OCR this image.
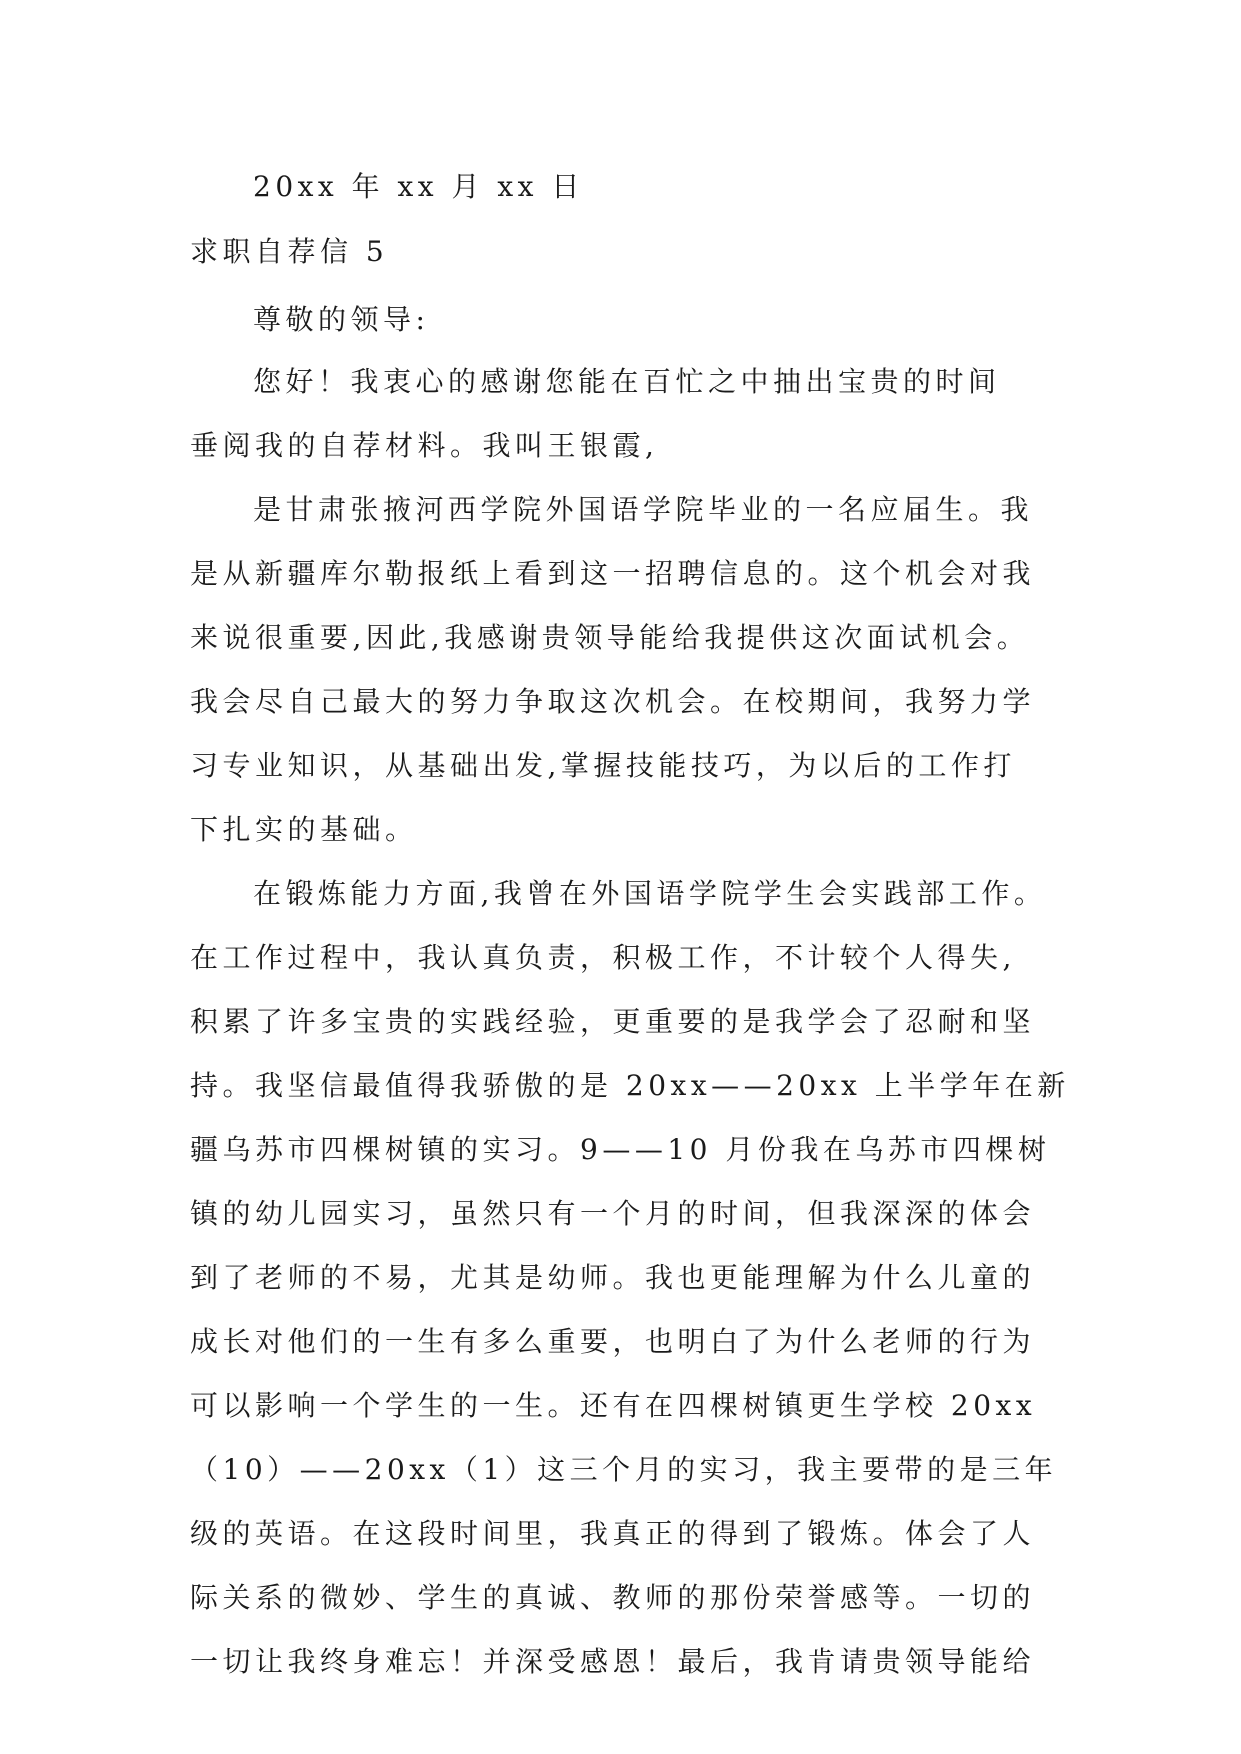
20xx 年 xx 月 xx 日
求职自荐信 5
尊敬的领导:
您好！我衷心的感谢您能在百忙之中抽出宝贵的时间
垂阅我的自荐材料。我叫王银霞,
是甘肃张掖河西学院外国语学院毕业的一名应届生。我
是从新疆库尔勒报纸上看到这一招聘信息的。这个机会对我
来说很重要,因此,我感谢贵领导能给我提供这次面试机会。
我会尽自己最大的努力争取这次机会。在校期间，我努力学
习专业知识，从基础出发,掌握技能技巧，为以后的工作打
下扎实的基础。
在锻炼能力方面,我曾在外国语学院学生会实践部工作。
在工作过程中，我认真负责，积极工作，不计较个人得失,
积累了许多宝贵的实践经验，更重要的是我学会了忍耐和坚
持。我坚信最值得我骄傲的是 20xx——20xx 上半学年在新
疆乌苏市四棵树镇的实习。9——10 月份我在乌苏市四棵树
镇的幼儿园实习，虽然只有一个月的时间，但我深深的体会
到了老师的不易，尤其是幼师。我也更能理解为什么儿童的
成长对他们的一生有多么重要，也明白了为什么老师的行为
可以影响一个学生的一生。还有在四棵树镇更生学校 20xx
（10）——20xx（1）这三个月的实习，我主要带的是三年
级的英语。在这段时间里，我真正的得到了锻炼。体会了人
际关系的微妙、学生的真诚、教师的那份荣誉感等。一切的
一切让我终身难忘！并深受感恩！最后，我肯请贵领导能给
